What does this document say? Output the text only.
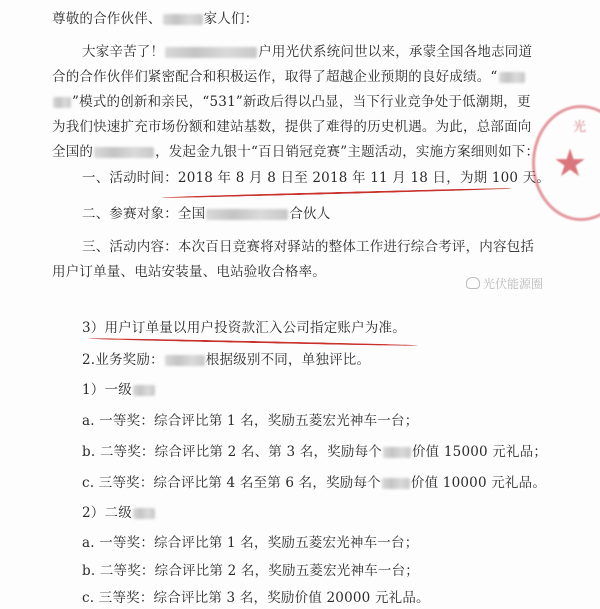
尊敬的合作伙伴、	家人们：
大家辛苦了！	户用光伏系统问世以来，承蒙全国各地志同道
合的合作伙伴们紧密配合和积极运作，取得了超越企业预期的良好成绩。“
”模式的创新和亲民，“531”新政后得以凸显，当下行业竞争处于低潮期，更
为我们快速扩充市场份额和建站基数，提供了难得的历史机遇。为此，总部面向
全国的	，发起金九银十“百日销冠竞赛”主题活动，实施方案细则如下：
一、活动时间：2018 年 8 月 8 日至 2018 年 11 月 18 日，为期 100 天。
二、参赛对象：全国	合伙人
三、活动内容：本次百日竞赛将对驿站的整体工作进行综合考评，内容包括
用户订单量、电站安装量、电站验收合格率。
3）用户订单量以用户投资款汇入公司指定账户为准。
2.业务奖励：	根据级别不同，单独评比。
1）一级
a. 一等奖：综合评比第 1 名，奖励五菱宏光神车一台；
b. 二等奖：综合评比第 2 名、第 3 名，奖励每个 价值 15000 元礼品；
c. 三等奖：综合评比第 4 名至第 6 名，奖励每个 价值 10000 元礼品。
2）二级
a. 一等奖：综合评比第 1 名，奖励五菱宏光神车一台；
b. 二等奖：综合评比第 2 名，奖励五菱宏光神车一台；
c. 三等奖：综合评比第 3 名，奖励价值 20000 元礼品。
光
★
光伏能源圈
